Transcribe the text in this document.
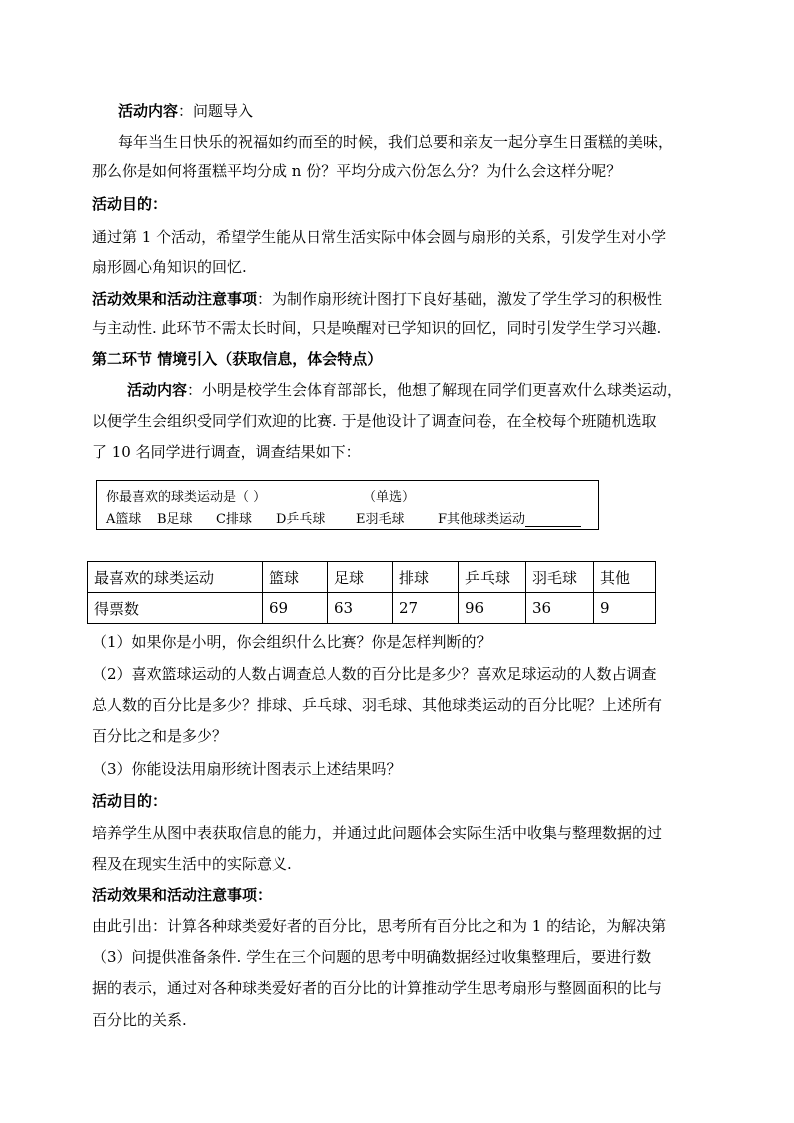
活动内容：问题导入
每年当生日快乐的祝福如约而至的时候，我们总要和亲友一起分享生日蛋糕的美味，
那么你是如何将蛋糕平均分成 n 份？平均分成六份怎么分？为什么会这样分呢？
活动目的：
通过第 1 个活动，希望学生能从日常生活实际中体会圆与扇形的关系，引发学生对小学
扇形圆心角知识的回忆.
活动效果和活动注意事项：为制作扇形统计图打下良好基础，激发了学生学习的积极性
与主动性. 此环节不需太长时间，只是唤醒对已学知识的回忆，同时引发学生学习兴趣.
第二环节 情境引入（获取信息，体会特点）
活动内容：小明是校学生会体育部部长，他想了解现在同学们更喜欢什么球类运动，
以便学生会组织受同学们欢迎的比赛. 于是他设计了调查问卷，在全校每个班随机选取
了 10 名同学进行调查，调查结果如下：
你最喜欢的球类运动是（ ）	（单选）
A篮球 B足球 C排球 D乒乓球 E羽毛球	F其他球类运动
最喜欢的球类运动	篮球	足球	排球	乒乓球	羽毛球	其他
得票数	69	63	27	96	36	9
（1）如果你是小明，你会组织什么比赛？你是怎样判断的？
（2）喜欢篮球运动的人数占调查总人数的百分比是多少？喜欢足球运动的人数占调查
总人数的百分比是多少？排球、乒乓球、羽毛球、其他球类运动的百分比呢？上述所有
百分比之和是多少？
（3）你能设法用扇形统计图表示上述结果吗？
活动目的：
培养学生从图中表获取信息的能力，并通过此问题体会实际生活中收集与整理数据的过
程及在现实生活中的实际意义.
活动效果和活动注意事项：
由此引出：计算各种球类爱好者的百分比，思考所有百分比之和为 1 的结论，为解决第
（3）问提供准备条件. 学生在三个问题的思考中明确数据经过收集整理后，要进行数
据的表示，通过对各种球类爱好者的百分比的计算推动学生思考扇形与整圆面积的比与
百分比的关系.
